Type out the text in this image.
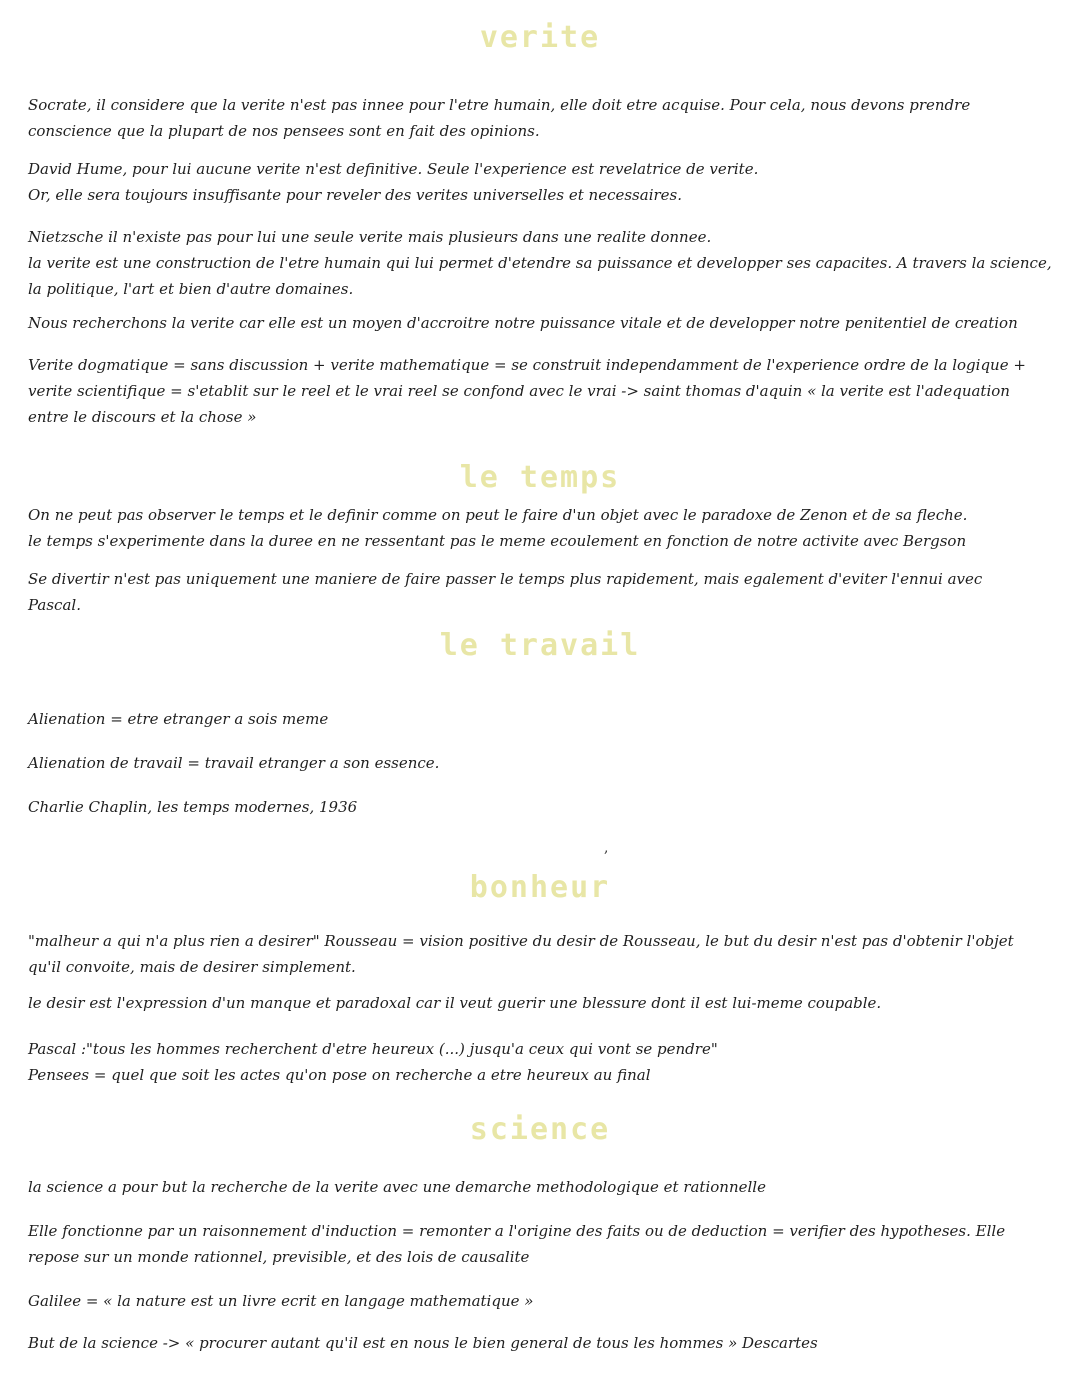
verite

Socrate, il considere que la verite n'est pas innee pour l'etre humain, elle doit etre acquise. Pour cela, nous devons prendre
conscience que la plupart de nos pensees sont en fait des opinions.

David Hume, pour lui aucune verite n'est definitive. Seule l'experience est revelatrice de verite.
Or, elle sera toujours insuffisante pour reveler des verites universelles et necessaires.

Nietzsche il n'existe pas pour lui une seule verite mais plusieurs dans une realite donnee.
la verite est une construction de l'etre humain qui lui permet d'etendre sa puissance et developper ses capacites. A travers la science,
la politique, l'art et bien d'autre domaines.

Nous recherchons la verite car elle est un moyen d'accroitre notre puissance vitale et de developper notre penitentiel de creation

Verite dogmatique = sans discussion + verite mathematique = se construit independamment de l'experience ordre de la logique +
verite scientifique = s'etablit sur le reel et le vrai reel se confond avec le vrai -> saint thomas d'aquin « la verite est l'adequation
entre le discours et la chose »

le temps

On ne peut pas observer le temps et le definir comme on peut le faire d'un objet avec le paradoxe de Zenon et de sa fleche.
le temps s'experimente dans la duree en ne ressentant pas le meme ecoulement en fonction de notre activite avec Bergson

Se divertir n'est pas uniquement une maniere de faire passer le temps plus rapidement, mais egalement d'eviter l'ennui avec
Pascal.

le travail

Alienation = etre etranger a sois meme

Alienation de travail = travail etranger a son essence.

Charlie Chaplin, les temps modernes, 1936

,
bonheur

"malheur a qui n'a plus rien a desirer" Rousseau = vision positive du desir de Rousseau, le but du desir n'est pas d'obtenir l'objet
qu'il convoite, mais de desirer simplement.

le desir est l'expression d'un manque et paradoxal car il veut guerir une blessure dont il est lui-meme coupable.

Pascal :"tous les hommes recherchent d'etre heureux (...) jusqu'a ceux qui vont se pendre"
Pensees = quel que soit les actes qu'on pose on recherche a etre heureux au final

science

la science a pour but la recherche de la verite avec une demarche methodologique et rationnelle

Elle fonctionne par un raisonnement d'induction = remonter a l'origine des faits ou de deduction = verifier des hypotheses. Elle
repose sur un monde rationnel, previsible, et des lois de causalite

Galilee = « la nature est un livre ecrit en langage mathematique »

But de la science -> « procurer autant qu'il est en nous le bien general de tous les hommes » Descartes
